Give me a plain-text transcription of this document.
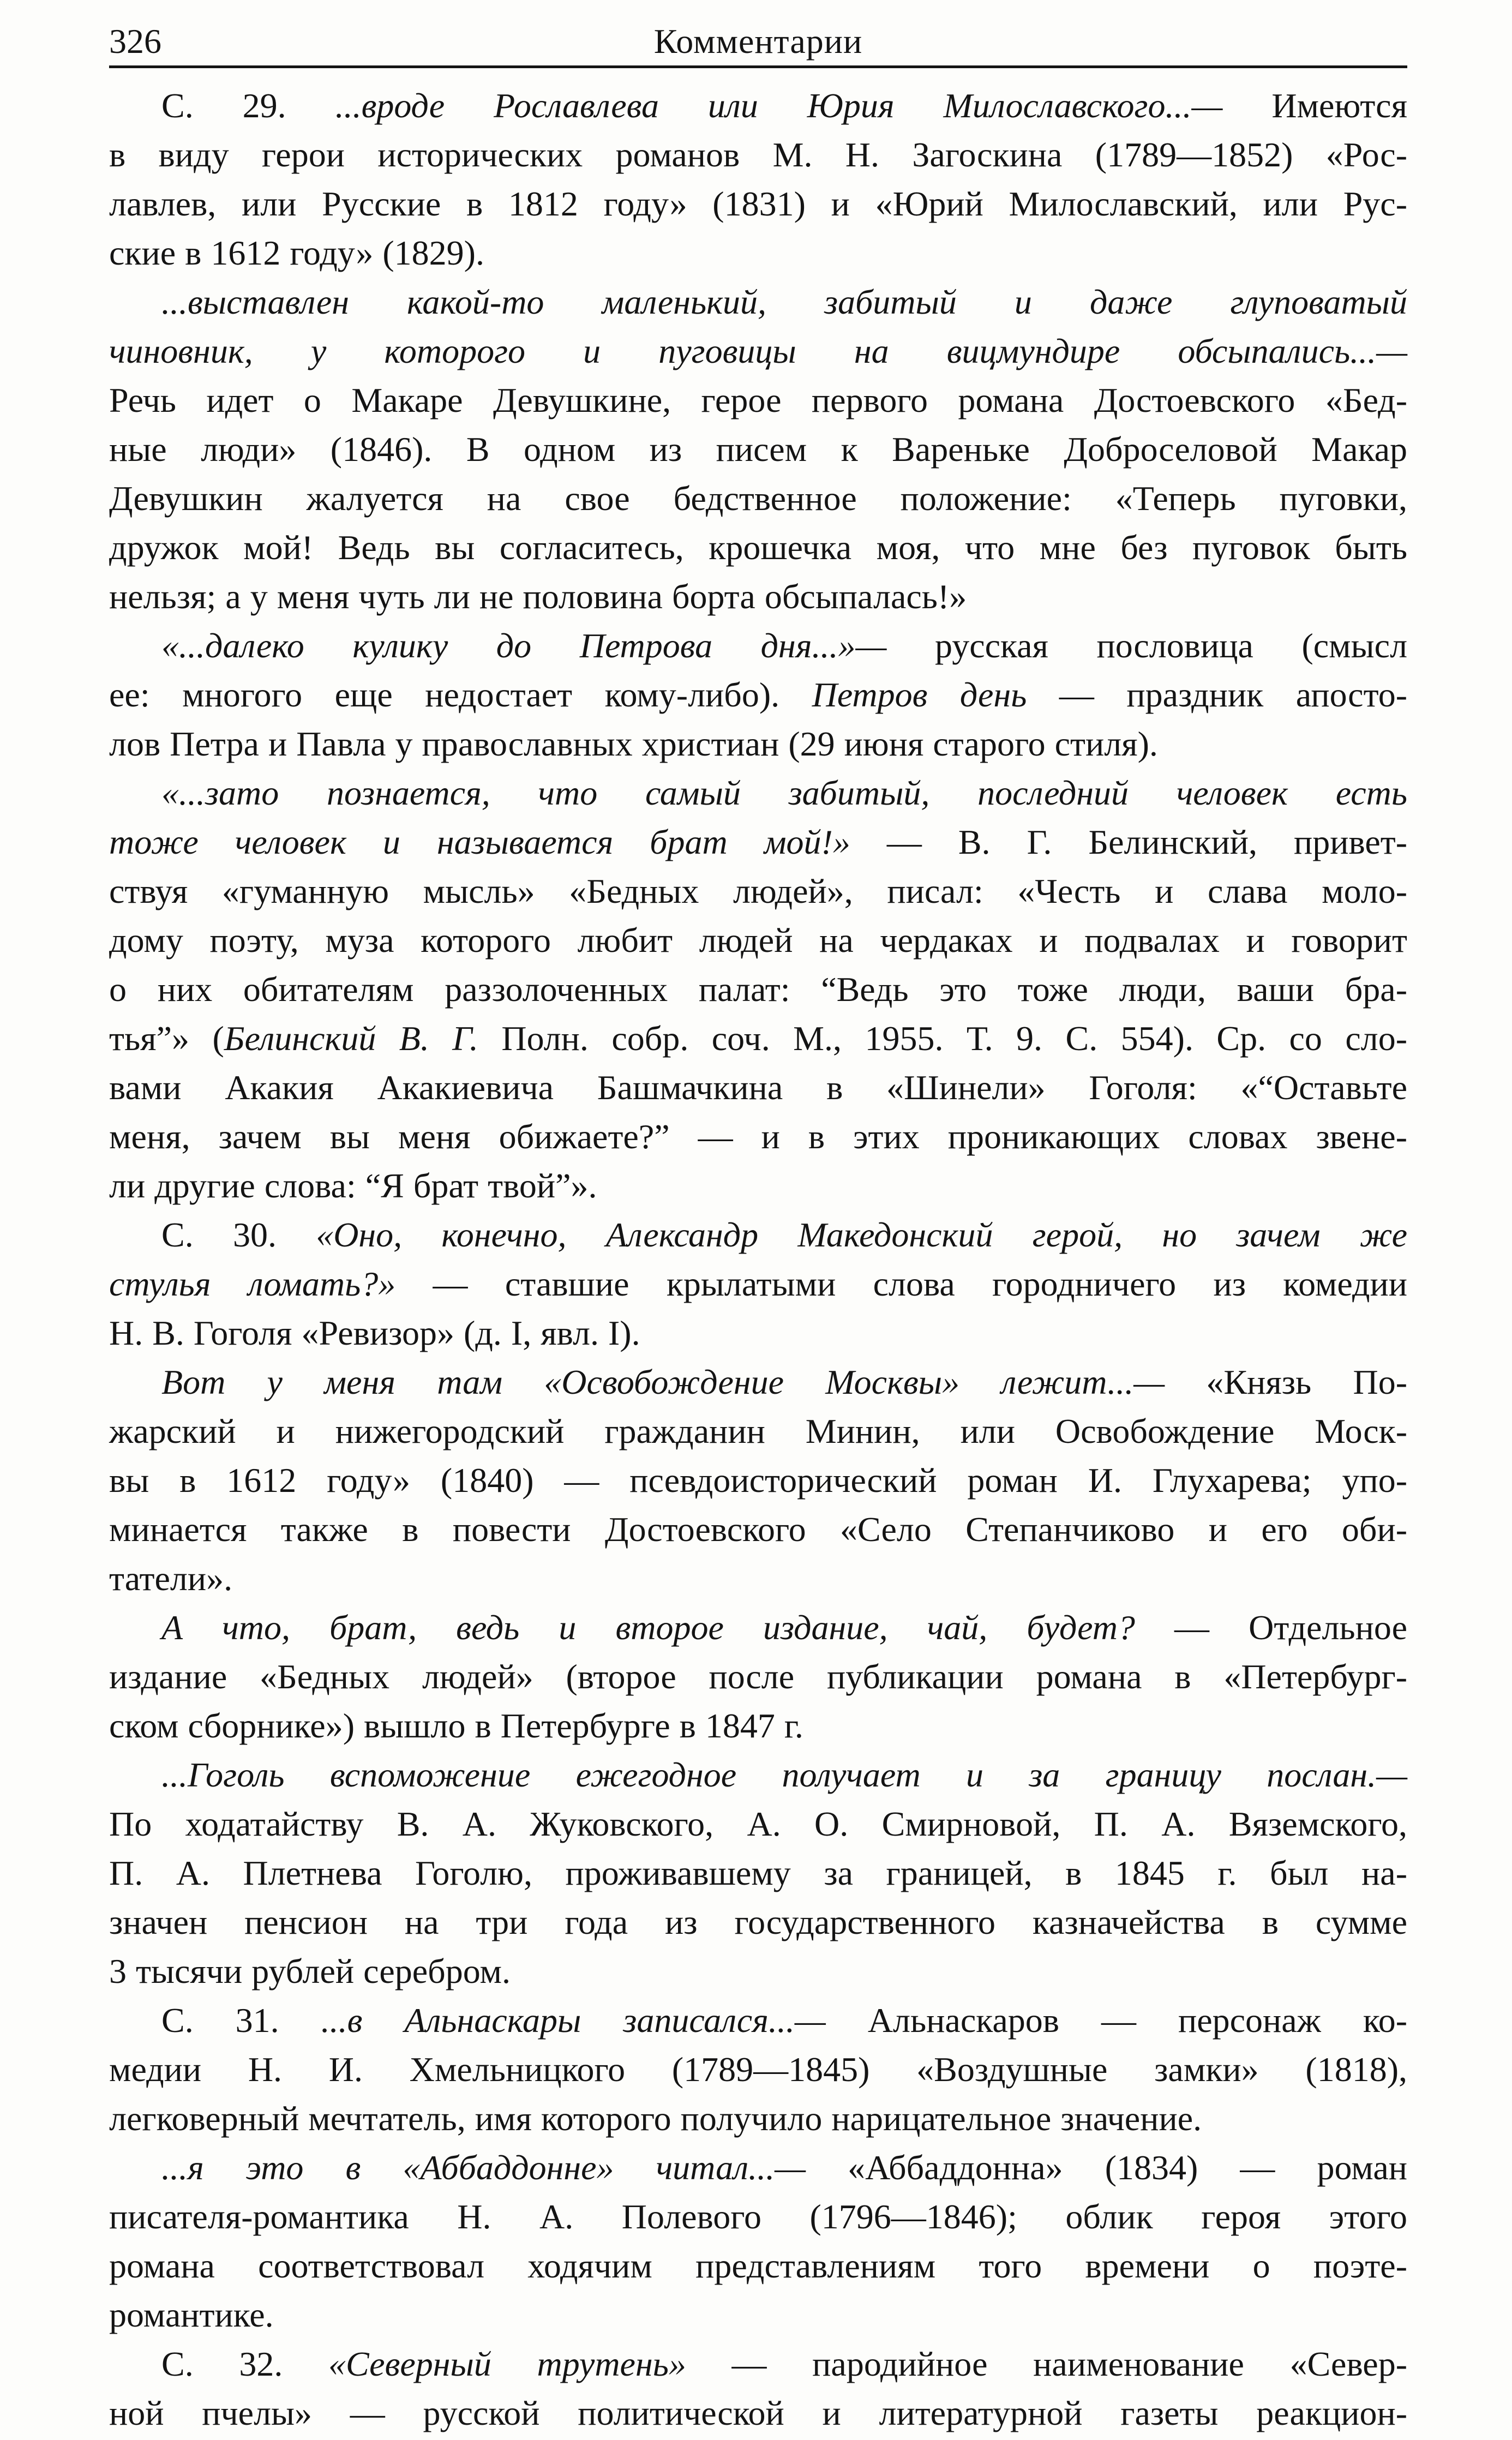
326	Комментарии
С. 29. ...вроде Рославлева или Юрия Милославского...— Имеются
в виду герои исторических романов М. Н. Загоскина (1789—1852) «Рос-
лавлев, или Русские в 1812 году» (1831) и «Юрий Милославский, или Рус-
ские в 1612 году» (1829).
...выставлен какой-то маленький, забитый и даже глуповатый
чиновник, у которого и пуговицы на вицмундире обсыпались...—
Речь идет о Макаре Девушкине, герое первого романа Достоевского «Бед-
ные люди» (1846). В одном из писем к Вареньке Доброселовой Макар
Девушкин жалуется на свое бедственное положение: «Теперь пуговки,
дружок мой! Ведь вы согласитесь, крошечка моя, что мне без пуговок быть
нельзя; а у меня чуть ли не половина борта обсыпалась!»
«...далеко кулику до Петрова дня...»— русская пословица (смысл
ее: многого еще недостает кому-либо). Петров день — праздник апосто-
лов Петра и Павла у православных христиан (29 июня старого стиля).
«...зато познается, что самый забитый, последний человек есть
тоже человек и называется брат мой!» — В. Г. Белинский, привет-
ствуя «гуманную мысль» «Бедных людей», писал: «Честь и слава моло-
дому поэту, муза которого любит людей на чердаках и подвалах и говорит
о них обитателям раззолоченных палат: “Ведь это тоже люди, ваши бра-
тья”» (Белинский В. Г. Полн. собр. соч. М., 1955. Т. 9. С. 554). Ср. со сло-
вами Акакия Акакиевича Башмачкина в «Шинели» Гоголя: «“Оставьте
меня, зачем вы меня обижаете?” — и в этих проникающих словах звене-
ли другие слова: “Я брат твой”».
С. 30. «Оно, конечно, Александр Македонский герой, но зачем же
стулья ломать?» — ставшие крылатыми слова городничего из комедии
Н. В. Гоголя «Ревизор» (д. I, явл. I).
Вот у меня там «Освобождение Москвы» лежит...— «Князь По-
жарский и нижегородский гражданин Минин, или Освобождение Моск-
вы в 1612 году» (1840) — псевдоисторический роман И. Глухарева; упо-
минается также в повести Достоевского «Село Степанчиково и его оби-
татели».
А что, брат, ведь и второе издание, чай, будет? — Отдельное
издание «Бедных людей» (второе после публикации романа в «Петербург-
ском сборнике») вышло в Петербурге в 1847 г.
...Гоголь вспоможение ежегодное получает и за границу послан.—
По ходатайству В. А. Жуковского, А. О. Смирновой, П. А. Вяземского,
П. А. Плетнева Гоголю, проживавшему за границей, в 1845 г. был на-
значен пенсион на три года из государственного казначейства в сумме
3 тысячи рублей серебром.
С. 31. ...в Альнаскары записался...— Альнаскаров — персонаж ко-
медии Н. И. Хмельницкого (1789—1845) «Воздушные замки» (1818),
легковерный мечтатель, имя которого получило нарицательное значение.
...я это в «Аббаддонне» читал...— «Аббаддонна» (1834) — роман
писателя-романтика Н. А. Полевого (1796—1846); облик героя этого
романа соответствовал ходячим представлениям того времени о поэте-
романтике.
С. 32. «Северный трутень» — пародийное наименование «Север-
ной пчелы» — русской политической и литературной газеты реакцион-
